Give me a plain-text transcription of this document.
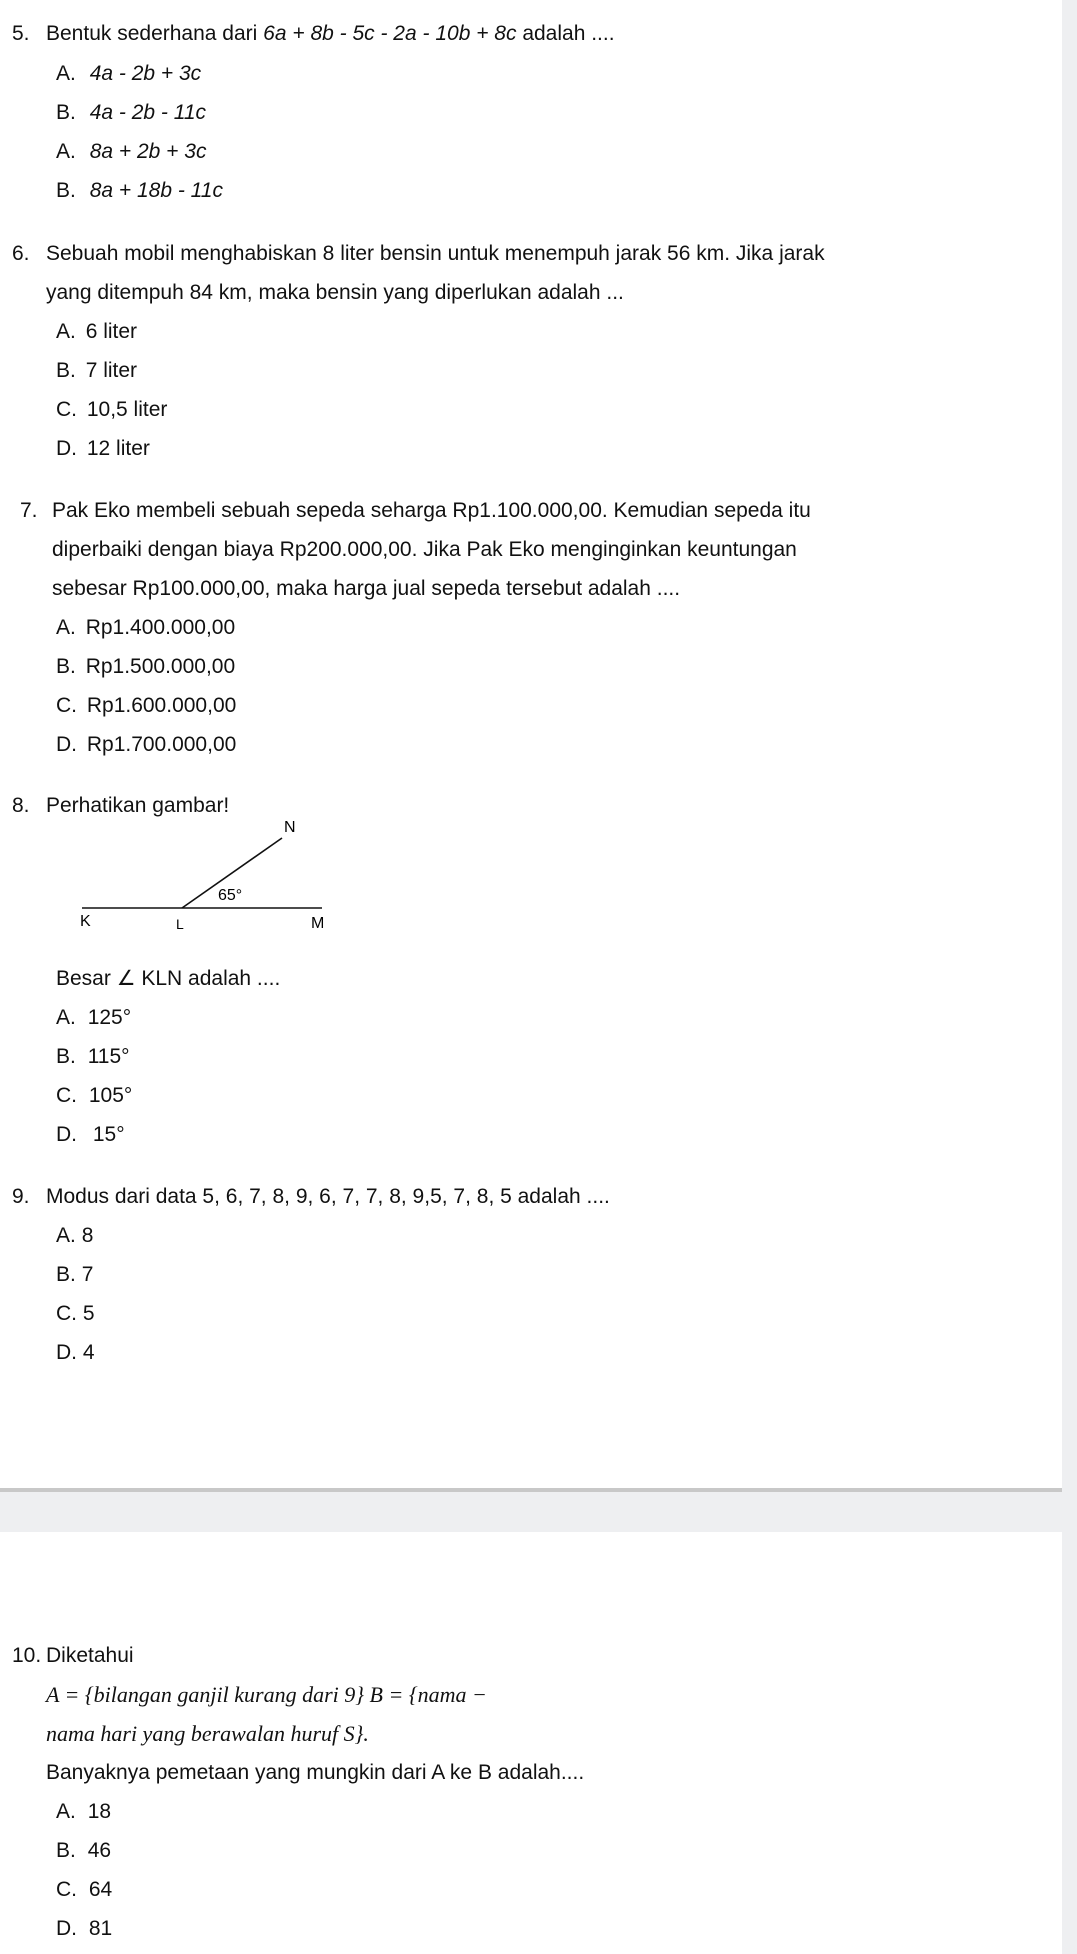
5. Bentuk sederhana dari 6a + 8b - 5c - 2a - 10b + 8c adalah ....
A. 4a - 2b + 3c
B. 4a - 2b - 11c
A. 8a + 2b + 3c
B. 8a + 18b - 11c
6. Sebuah mobil menghabiskan 8 liter bensin untuk menempuh jarak 56 km. Jika jarak
yang ditempuh 84 km, maka bensin yang diperlukan adalah ...
A. 6 liter
B. 7 liter
C. 10,5 liter
D. 12 liter
7. Pak Eko membeli sebuah sepeda seharga Rp1.100.000,00. Kemudian sepeda itu
diperbaiki dengan biaya Rp200.000,00. Jika Pak Eko menginginkan keuntungan
sebesar Rp100.000,00, maka harga jual sepeda tersebut adalah ....
A. Rp1.400.000,00
B. Rp1.500.000,00
C. Rp1.600.000,00
D. Rp1.700.000,00
8. Perhatikan gambar!
N
65°
K	L	M
Besar ∠ KLN adalah ....
A. 125°
B. 115°
C. 105°
D. 15°
9. Modus dari data 5, 6, 7, 8, 9, 6, 7, 7, 8, 9,5, 7, 8, 5 adalah ....
A. 8
B. 7
C. 5
D. 4
10. Diketahui
A = {bilangan ganjil kurang dari 9} B = {nama −
nama hari yang berawalan huruf S}.
Banyaknya pemetaan yang mungkin dari A ke B adalah....
A. 18
B. 46
C. 64
D. 81
